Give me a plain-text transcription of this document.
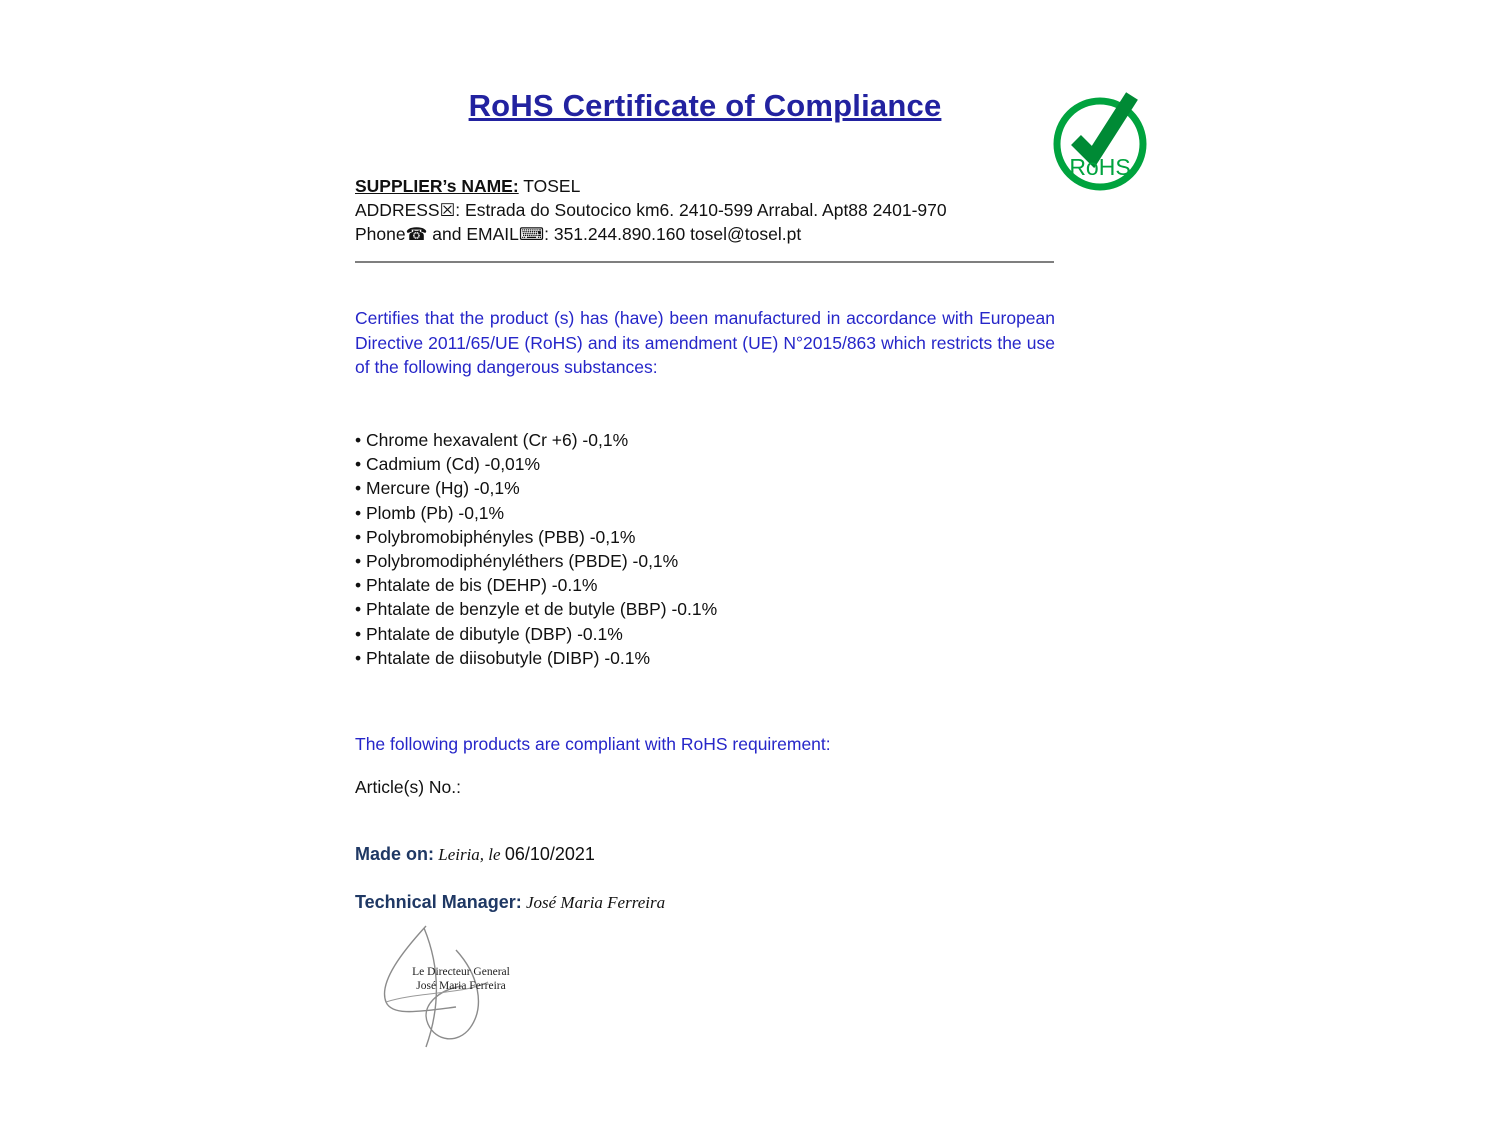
RoHS Certificate of Compliance
RoHS
SUPPLIER’s NAME: TOSEL
ADDRESS☒: Estrada do Soutocico km6. 2410-599 Arrabal. Apt88 2401-970
Phone☎ and EMAIL⌨: 351.244.890.160 tosel@tosel.pt
Certifies that the product (s) has (have) been manufactured in accordance with European Directive 2011/65/UE (RoHS) and its amendment (UE) N°2015/863 which restricts the use of the following dangerous substances:
• Chrome hexavalent (Cr +6) -0,1%
• Cadmium (Cd) -0,01%
• Mercure (Hg) -0,1%
• Plomb (Pb) -0,1%
• Polybromobiphényles (PBB) -0,1%
• Polybromodiphényléthers (PBDE) -0,1%
• Phtalate de bis (DEHP) -0.1%
• Phtalate de benzyle et de butyle (BBP) -0.1%
• Phtalate de dibutyle (DBP) -0.1%
• Phtalate de diisobutyle (DIBP) -0.1%
The following products are compliant with RoHS requirement:
Article(s) No.:
Made on: Leiria, le 06/10/2021
Technical Manager: José Maria Ferreira
Le Directeur General
José Maria Ferreira
